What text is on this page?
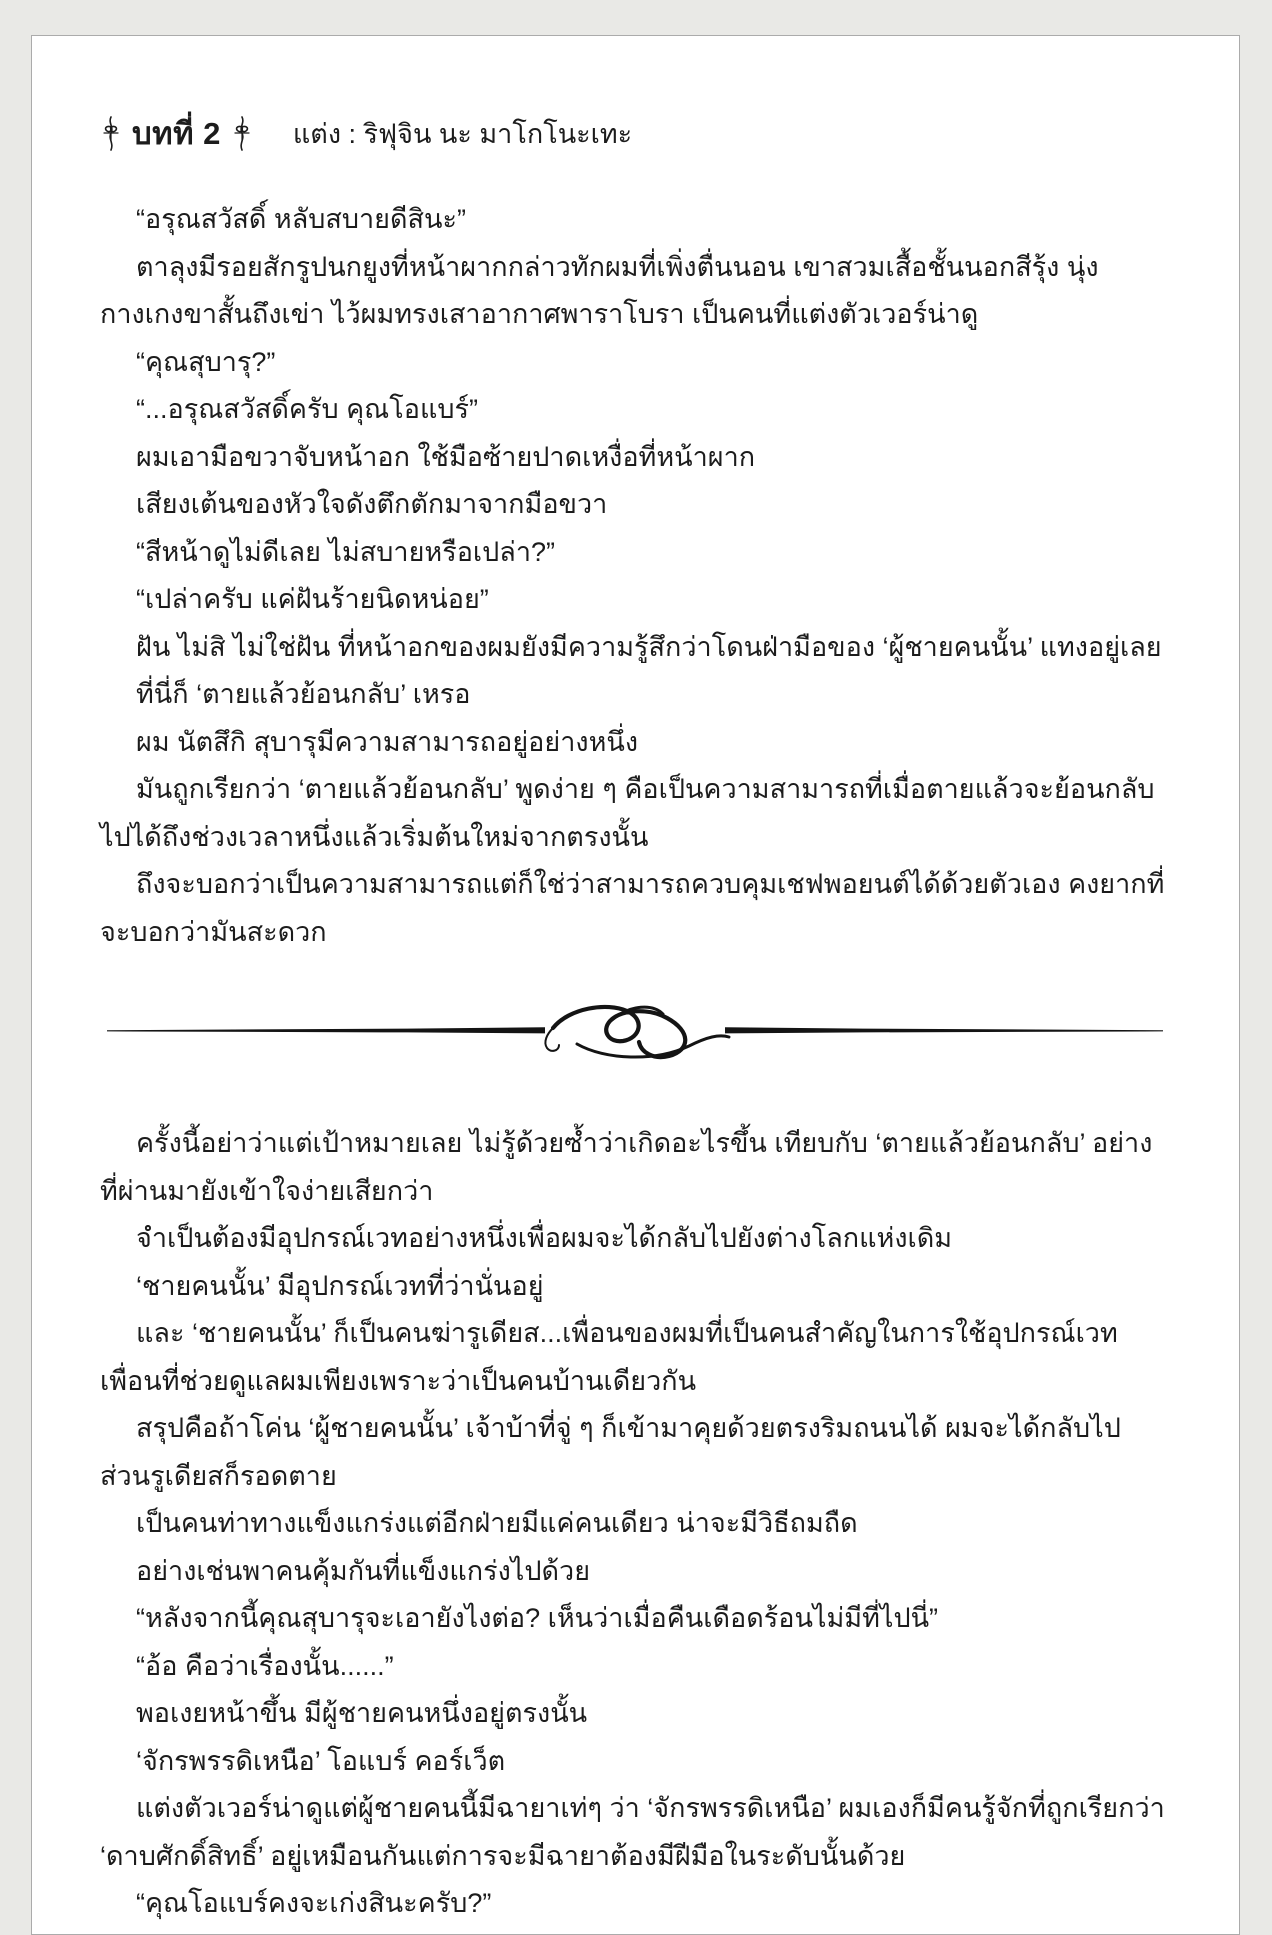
บทที่ 2	แต่ง : ริฟุจิน นะ มาโกโนะเทะ

“อรุณสวัสดิ์ หลับสบายดีสินะ”

ตาลุงมีรอยสักรูปนกยูงที่หน้าผากกล่าวทักผมที่เพิ่งตื่นนอน เขาสวมเสื้อชั้นนอกสีรุ้ง นุ่งกางเกงขาสั้นถึงเข่า ไว้ผมทรงเสาอากาศพาราโบรา เป็นคนที่แต่งตัวเวอร์น่าดู

“คุณสุบารุ?”

“...อรุณสวัสดิ์ครับ คุณโอแบร์”

ผมเอามือขวาจับหน้าอก ใช้มือซ้ายปาดเหงื่อที่หน้าผาก

เสียงเต้นของหัวใจดังตึกตักมาจากมือขวา

“สีหน้าดูไม่ดีเลย ไม่สบายหรือเปล่า?”

“เปล่าครับ แค่ฝันร้ายนิดหน่อย”

ฝัน ไม่สิ ไม่ใช่ฝัน ที่หน้าอกของผมยังมีความรู้สึกว่าโดนฝ่ามือของ ‘ผู้ชายคนนั้น’ แทงอยู่เลย

ที่นี่ก็ ‘ตายแล้วย้อนกลับ’ เหรอ

ผม นัตสึกิ สุบารุมีความสามารถอยู่อย่างหนึ่ง

มันถูกเรียกว่า ‘ตายแล้วย้อนกลับ’ พูดง่าย ๆ คือเป็นความสามารถที่เมื่อตายแล้วจะย้อนกลับไปได้ถึงช่วงเวลาหนึ่งแล้วเริ่มต้นใหม่จากตรงนั้น

ถึงจะบอกว่าเป็นความสามารถแต่ก็ใช่ว่าสามารถควบคุมเชฟพอยนต์ได้ด้วยตัวเอง คงยากที่จะบอกว่ามันสะดวก

ครั้งนี้อย่าว่าแต่เป้าหมายเลย ไม่รู้ด้วยซ้ำว่าเกิดอะไรขึ้น เทียบกับ ‘ตายแล้วย้อนกลับ’ อย่างที่ผ่านมายังเข้าใจง่ายเสียกว่า

จำเป็นต้องมีอุปกรณ์เวทอย่างหนึ่งเพื่อผมจะได้กลับไปยังต่างโลกแห่งเดิม

‘ชายคนนั้น’ มีอุปกรณ์เวทที่ว่านั่นอยู่

และ ‘ชายคนนั้น’ ก็เป็นคนฆ่ารูเดียส...เพื่อนของผมที่เป็นคนสำคัญในการใช้อุปกรณ์เวท เพื่อนที่ช่วยดูแลผมเพียงเพราะว่าเป็นคนบ้านเดียวกัน

สรุปคือถ้าโค่น ‘ผู้ชายคนนั้น’ เจ้าบ้าที่จู่ ๆ ก็เข้ามาคุยด้วยตรงริมถนนได้ ผมจะได้กลับไป ส่วนรูเดียสก็รอดตาย

เป็นคนท่าทางแข็งแกร่งแต่อีกฝ่ายมีแค่คนเดียว น่าจะมีวิธีถมถืด

อย่างเช่นพาคนคุ้มกันที่แข็งแกร่งไปด้วย

“หลังจากนี้คุณสุบารุจะเอายังไงต่อ? เห็นว่าเมื่อคืนเดือดร้อนไม่มีที่ไปนี่”

“อ้อ คือว่าเรื่องนั้น......”

พอเงยหน้าขึ้น มีผู้ชายคนหนึ่งอยู่ตรงนั้น

‘จักรพรรดิเหนือ’ โอแบร์ คอร์เว็ต

แต่งตัวเวอร์น่าดูแต่ผู้ชายคนนี้มีฉายาเท่ๆ ว่า ‘จักรพรรดิเหนือ’ ผมเองก็มีคนรู้จักที่ถูกเรียกว่า ‘ดาบศักดิ์สิทธิ์’ อยู่เหมือนกันแต่การจะมีฉายาต้องมีฝีมือในระดับนั้นด้วย

“คุณโอแบร์คงจะเก่งสินะครับ?”
